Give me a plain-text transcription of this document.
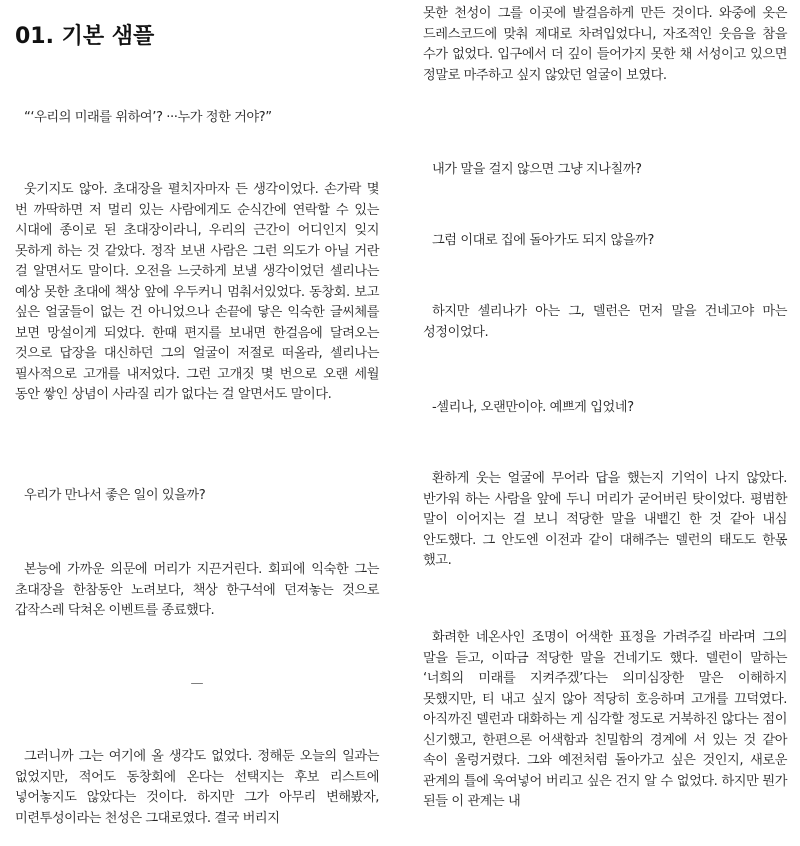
01. 기본 샘플

“‘우리의 미래를 위하여’? ···누가 정한 거야?”

웃기지도 않아. 초대장을 펼치자마자 든 생각이었다. 손가락 몇 번 까딱하면 저 멀리 있는 사람에게도 순식간에 연락할 수 있는 시대에 종이로 된 초대장이라니, 우리의 근간이 어디인지 잊지 못하게 하는 것 같았다. 정작 보낸 사람은 그런 의도가 아닐 거란 걸 알면서도 말이다. 오전을 느긋하게 보낼 생각이었던 셀리나는 예상 못한 초대에 책상 앞에 우두커니 멈춰서있었다. 동창회. 보고 싶은 얼굴들이 없는 건 아니었으나 손끝에 닿은 익숙한 글씨체를 보면 망설이게 되었다. 한때 편지를 보내면 한걸음에 달려오는 것으로 답장을 대신하던 그의 얼굴이 저절로 떠올라, 셀리나는 필사적으로 고개를 내저었다. 그런 고개짓 몇 번으로 오랜 세월 동안 쌓인 상념이 사라질 리가 없다는 걸 알면서도 말이다.

우리가 만나서 좋은 일이 있을까?

본능에 가까운 의문에 머리가 지끈거린다. 회피에 익숙한 그는 초대장을 한참동안 노려보다, 책상 한구석에 던져놓는 것으로 갑작스레 닥쳐온 이벤트를 종료했다.

—

그러니까 그는 여기에 올 생각도 없었다. 정해둔 오늘의 일과는 없었지만, 적어도 동창회에 온다는 선택지는 후보 리스트에 넣어놓지도 않았다는 것이다. 하지만 그가 아무리 변해봤자, 미련투성이라는 천성은 그대로였다. 결국 버리지

못한 천성이 그를 이곳에 발걸음하게 만든 것이다. 와중에 옷은 드레스코드에 맞춰 제대로 차려입었다니, 자조적인 웃음을 참을 수가 없었다. 입구에서 더 깊이 들어가지 못한 채 서성이고 있으면 정말로 마주하고 싶지 않았던 얼굴이 보였다.

내가 말을 걸지 않으면 그냥 지나칠까?

그럼 이대로 집에 돌아가도 되지 않을까?

하지만 셀리나가 아는 그, 델런은 먼저 말을 건네고야 마는 성정이었다.

-셀리나, 오랜만이야. 예쁘게 입었네?

환하게 웃는 얼굴에 무어라 답을 했는지 기억이 나지 않았다. 반가워 하는 사람을 앞에 두니 머리가 굳어버린 탓이었다. 평범한 말이 이어지는 걸 보니 적당한 말을 내뱉긴 한 것 같아 내심 안도했다. 그 안도엔 이전과 같이 대해주는 델런의 태도도 한몫 했고.

화려한 네온사인 조명이 어색한 표정을 가려주길 바라며 그의 말을 듣고, 이따금 적당한 말을 건네기도 했다. 델런이 말하는 ‘너희의 미래를 지켜주겠’다는 의미심장한 말은 이해하지 못했지만, 티 내고 싶지 않아 적당히 호응하며 고개를 끄덕였다. 아직까진 델런과 대화하는 게 심각할 정도로 거북하진 않다는 점이 신기했고, 한편으론 어색함과 친밀함의 경계에 서 있는 것 같아 속이 울렁거렸다. 그와 예전처럼 돌아가고 싶은 것인지, 새로운 관계의 틀에 욱여넣어 버리고 싶은 건지 알 수 없었다. 하지만 뭔가 된들 이 관계는 내
